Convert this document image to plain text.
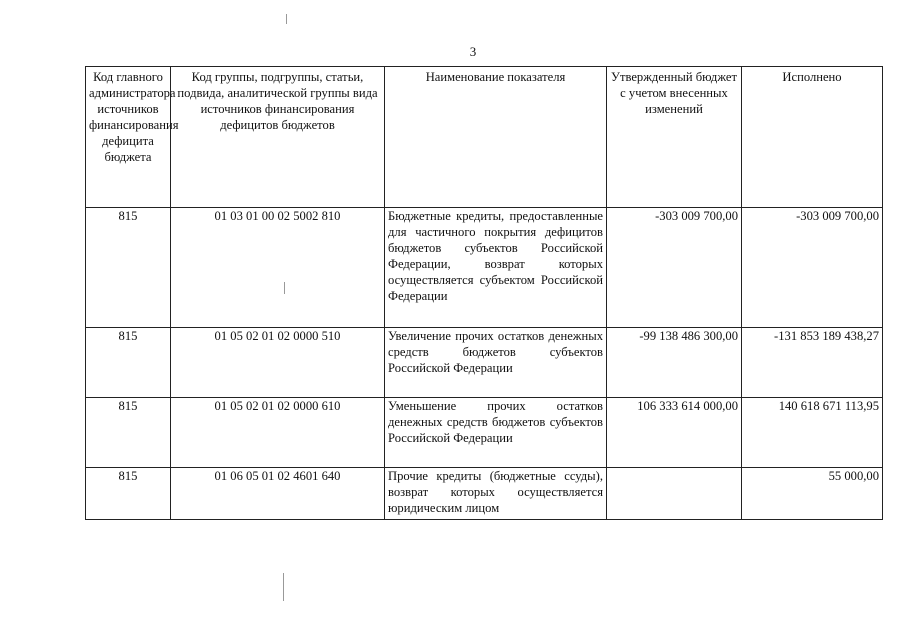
3
Код главного администратора источников финансирования дефицита бюджета	Код группы, подгруппы, статьи, подвида, аналитической группы вида источников финансирования дефицитов бюджетов	Наименование показателя	Утвержденный бюджет с учетом внесенных изменений	Исполнено
815	01 03 01 00 02 5002 810	Бюджетные кредиты, предоставленные для частичного покрытия дефицитов бюджетов субъектов Российской Федерации, возврат которых осуществляется субъектом Российской Федерации	-303 009 700,00	-303 009 700,00
815	01 05 02 01 02 0000 510	Увеличение прочих остатков денежных средств бюджетов субъектов Российской Федерации	-99 138 486 300,00	-131 853 189 438,27
815	01 05 02 01 02 0000 610	Уменьшение прочих остатков денежных средств бюджетов субъектов Российской Федерации	106 333 614 000,00	140 618 671 113,95
815	01 06 05 01 02 4601 640	Прочие кредиты (бюджетные ссуды), возврат которых осуществляется юридическим лицом		55 000,00
